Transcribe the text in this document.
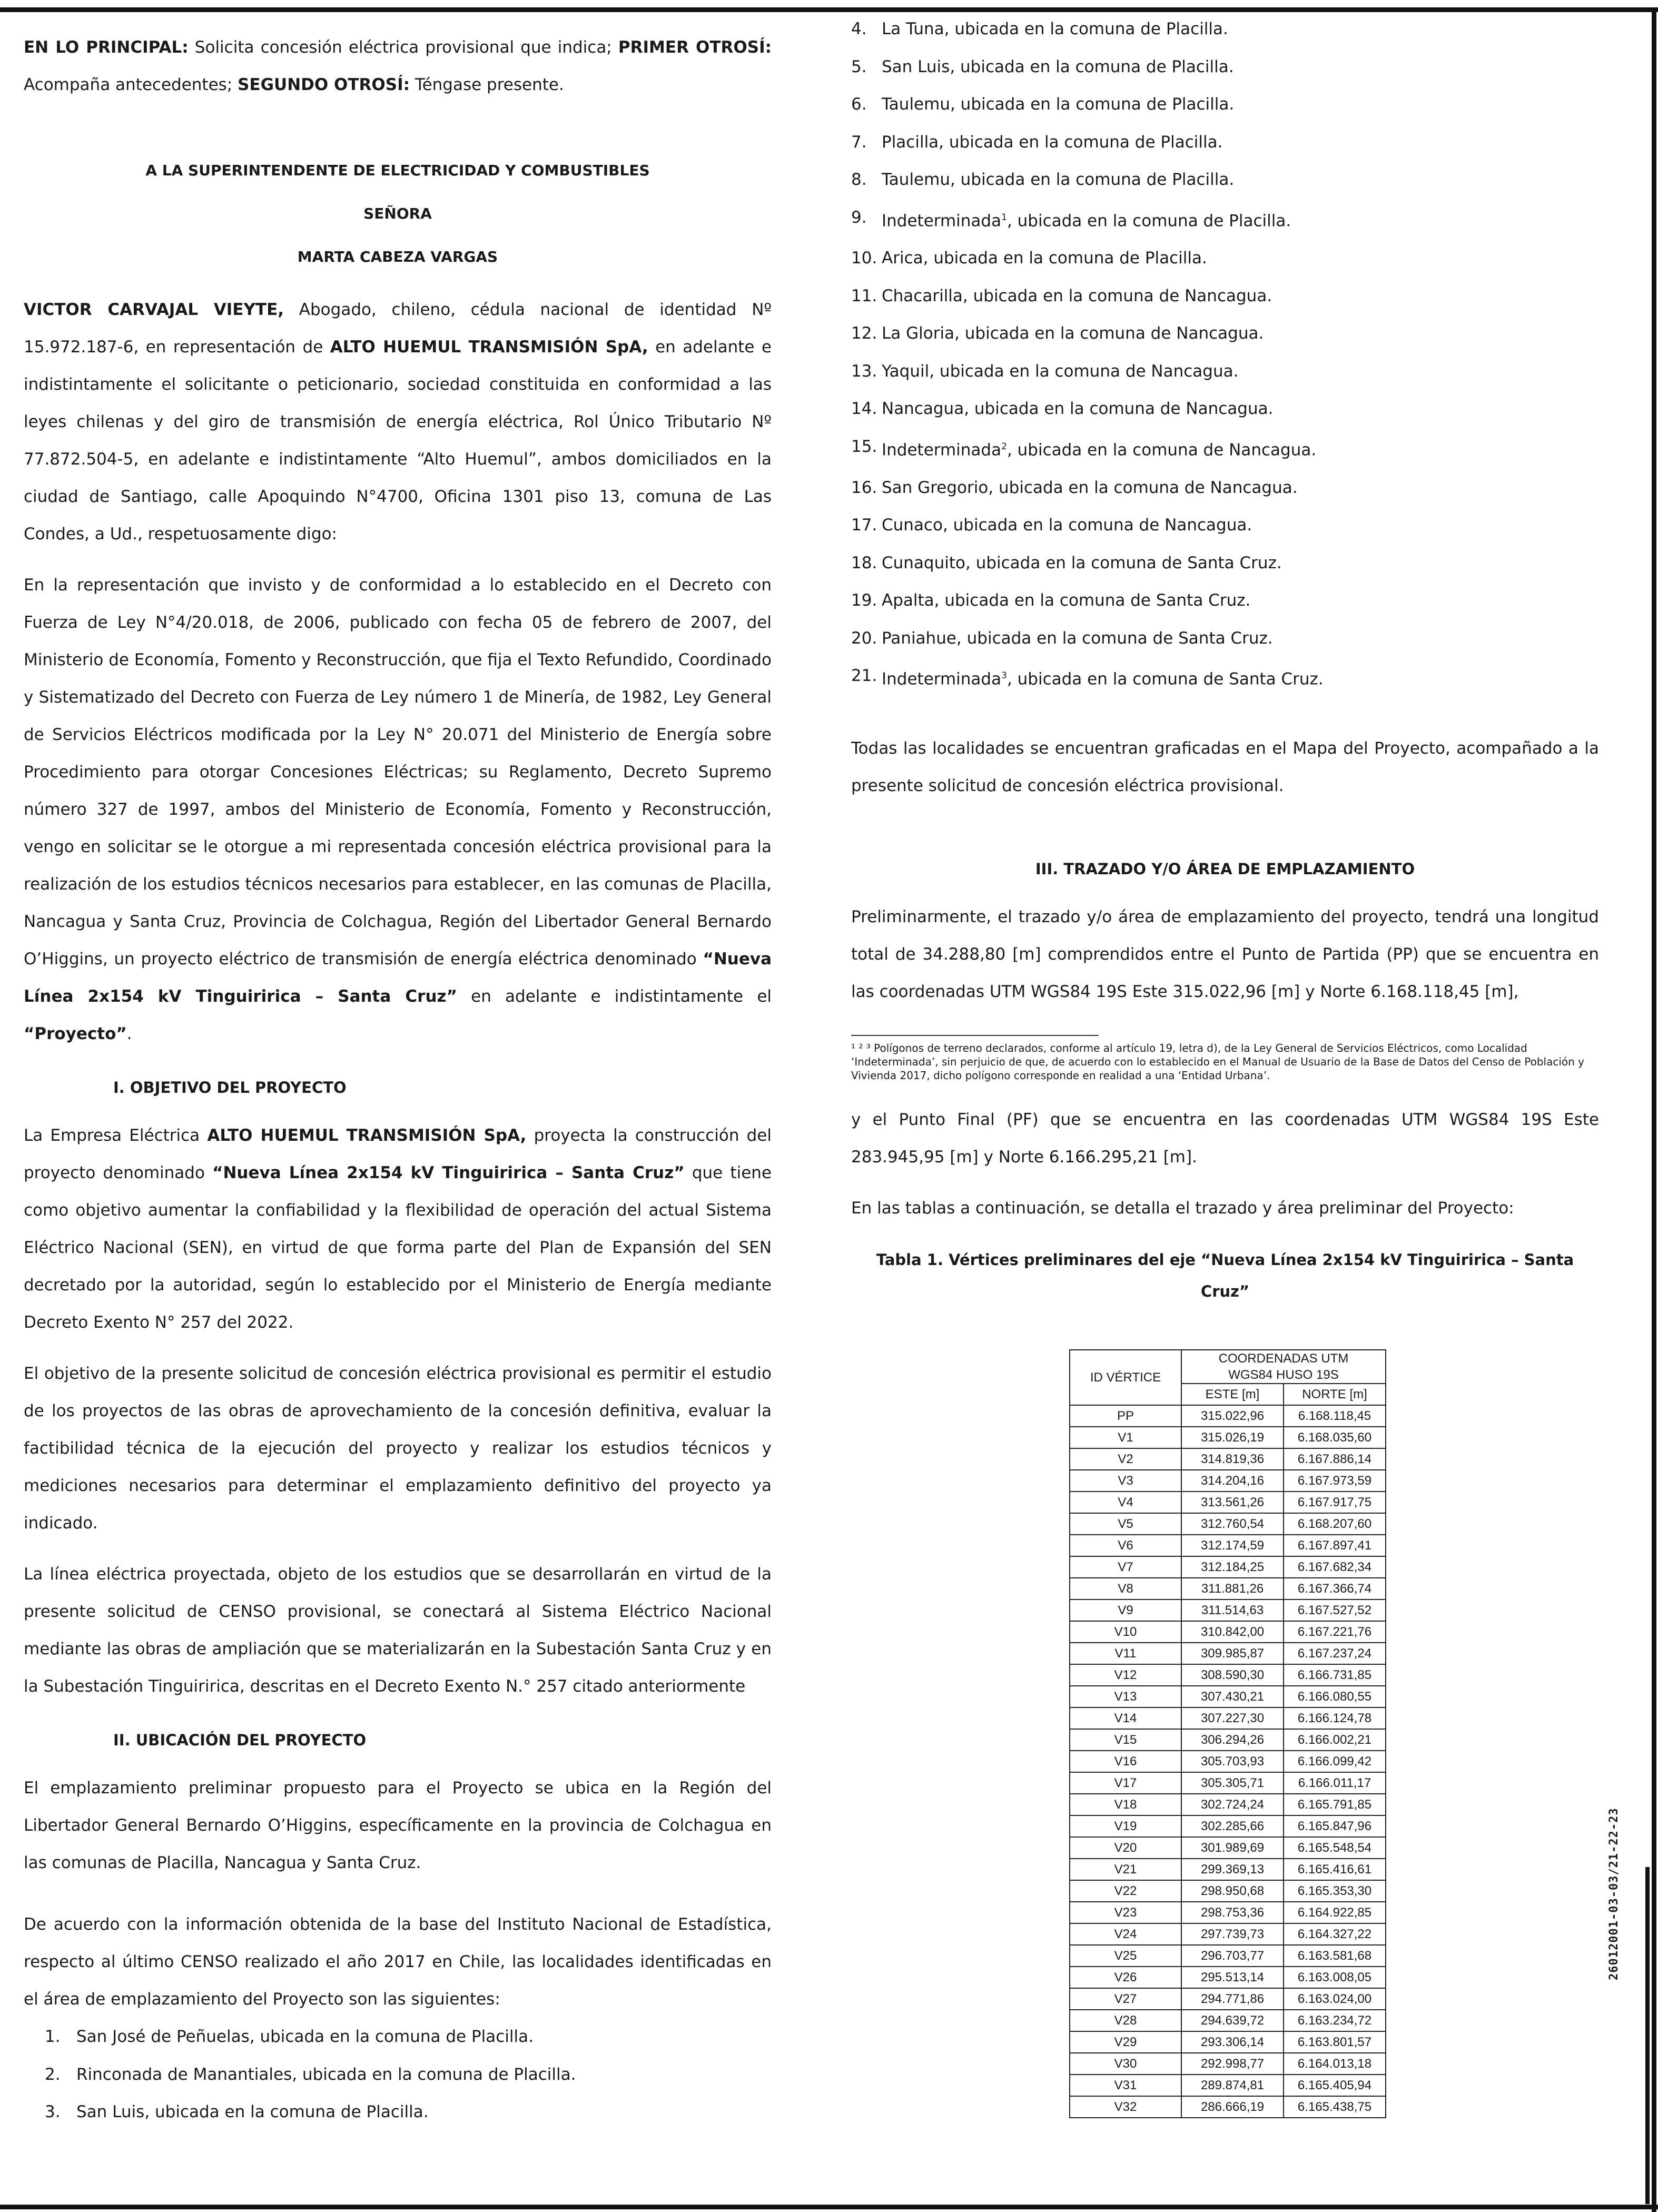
EN LO PRINCIPAL: Solicita concesión eléctrica provisional que indica; PRIMER OTROSÍ: Acompaña antecedentes; SEGUNDO OTROSÍ: Téngase presente.

A LA SUPERINTENDENTE DE ELECTRICIDAD Y COMBUSTIBLES

SEÑORA

MARTA CABEZA VARGAS

VICTOR CARVAJAL VIEYTE, Abogado, chileno, cédula nacional de identidad Nº 15.972.187-6, en representación de ALTO HUEMUL TRANSMISIÓN SpA, en adelante e indistintamente el solicitante o peticionario, sociedad constituida en conformidad a las leyes chilenas y del giro de transmisión de energía eléctrica, Rol Único Tributario Nº 77.872.504-5, en adelante e indistintamente “Alto Huemul”, ambos domiciliados en la ciudad de Santiago, calle Apoquindo N°4700, Oficina 1301 piso 13, comuna de Las Condes, a Ud., respetuosamente digo:

En la representación que invisto y de conformidad a lo establecido en el Decreto con Fuerza de Ley N°4/20.018, de 2006, publicado con fecha 05 de febrero de 2007, del Ministerio de Economía, Fomento y Reconstrucción, que fija el Texto Refundido, Coordinado y Sistematizado del Decreto con Fuerza de Ley número 1 de Minería, de 1982, Ley General de Servicios Eléctricos modificada por la Ley N° 20.071 del Ministerio de Energía sobre Procedimiento para otorgar Concesiones Eléctricas; su Reglamento, Decreto Supremo número 327 de 1997, ambos del Ministerio de Economía, Fomento y Reconstrucción, vengo en solicitar se le otorgue a mi representada concesión eléctrica provisional para la realización de los estudios técnicos necesarios para establecer, en las comunas de Placilla, Nancagua y Santa Cruz, Provincia de Colchagua, Región del Libertador General Bernardo O’Higgins, un proyecto eléctrico de transmisión de energía eléctrica denominado “Nueva Línea 2x154 kV Tinguiririca – Santa Cruz” en adelante e indistintamente el “Proyecto”.

I. OBJETIVO DEL PROYECTO

La Empresa Eléctrica ALTO HUEMUL TRANSMISIÓN SpA, proyecta la construcción del proyecto denominado “Nueva Línea 2x154 kV Tinguiririca – Santa Cruz” que tiene como objetivo aumentar la confiabilidad y la flexibilidad de operación del actual Sistema Eléctrico Nacional (SEN), en virtud de que forma parte del Plan de Expansión del SEN decretado por la autoridad, según lo establecido por el Ministerio de Energía mediante Decreto Exento N° 257 del 2022.

El objetivo de la presente solicitud de concesión eléctrica provisional es permitir el estudio de los proyectos de las obras de aprovechamiento de la concesión definitiva, evaluar la factibilidad técnica de la ejecución del proyecto y realizar los estudios técnicos y mediciones necesarios para determinar el emplazamiento definitivo del proyecto ya indicado.

La línea eléctrica proyectada, objeto de los estudios que se desarrollarán en virtud de la presente solicitud de CENSO provisional, se conectará al Sistema Eléctrico Nacional mediante las obras de ampliación que se materializarán en la Subestación Santa Cruz y en la Subestación Tinguiririca, descritas en el Decreto Exento N.° 257 citado anteriormente

II. UBICACIÓN DEL PROYECTO

El emplazamiento preliminar propuesto para el Proyecto se ubica en la Región del Libertador General Bernardo O’Higgins, específicamente en la provincia de Colchagua en las comunas de Placilla, Nancagua y Santa Cruz.

De acuerdo con la información obtenida de la base del Instituto Nacional de Estadística, respecto al último CENSO realizado el año 2017 en Chile, las localidades identificadas en el área de emplazamiento del Proyecto son las siguientes:

1. San José de Peñuelas, ubicada en la comuna de Placilla.
2. Rinconada de Manantiales, ubicada en la comuna de Placilla.
3. San Luis, ubicada en la comuna de Placilla.
4. La Tuna, ubicada en la comuna de Placilla.
5. San Luis, ubicada en la comuna de Placilla.
6. Taulemu, ubicada en la comuna de Placilla.
7. Placilla, ubicada en la comuna de Placilla.
8. Taulemu, ubicada en la comuna de Placilla.
9. Indeterminada$^1$, ubicada en la comuna de Placilla.
10. Arica, ubicada en la comuna de Placilla.
11. Chacarilla, ubicada en la comuna de Nancagua.
12. La Gloria, ubicada en la comuna de Nancagua.
13. Yaquil, ubicada en la comuna de Nancagua.
14. Nancagua, ubicada en la comuna de Nancagua.
15. Indeterminada$^2$, ubicada en la comuna de Nancagua.
16. San Gregorio, ubicada en la comuna de Nancagua.
17. Cunaco, ubicada en la comuna de Nancagua.
18. Cunaquito, ubicada en la comuna de Santa Cruz.
19. Apalta, ubicada en la comuna de Santa Cruz.
20. Paniahue, ubicada en la comuna de Santa Cruz.
21. Indeterminada$^3$, ubicada en la comuna de Santa Cruz.

Todas las localidades se encuentran graficadas en el Mapa del Proyecto, acompañado a la presente solicitud de concesión eléctrica provisional.

III. TRAZADO Y/O ÁREA DE EMPLAZAMIENTO

Preliminarmente, el trazado y/o área de emplazamiento del proyecto, tendrá una longitud total de 34.288,80 [m] comprendidos entre el Punto de Partida (PP) que se encuentra en las coordenadas UTM WGS84 19S Este 315.022,96 [m] y Norte 6.168.118,45 [m],

¹ ² ³ Polígonos de terreno declarados, conforme al artículo 19, letra d), de la Ley General de Servicios Eléctricos, como Localidad ‘Indeterminada’, sin perjuicio de que, de acuerdo con lo establecido en el Manual de Usuario de la Base de Datos del Censo de Población y Vivienda 2017, dicho polígono corresponde en realidad a una ‘Entidad Urbana’.

y el Punto Final (PF) que se encuentra en las coordenadas UTM WGS84 19S Este 283.945,95 [m] y Norte 6.166.295,21 [m].

En las tablas a continuación, se detalla el trazado y área preliminar del Proyecto:

Tabla 1. Vértices preliminares del eje “Nueva Línea 2x154 kV Tinguiririca – Santa Cruz”

ID VÉRTICE	COORDENADAS UTM
WGS84 HUSO 19S	

	ESTE [m]	NORTE [m]
PP	315.022,96	6.168.118,45
V1	315.026,19	6.168.035,60
V2	314.819,36	6.167.886,14
V3	314.204,16	6.167.973,59
V4	313.561,26	6.167.917,75
V5	312.760,54	6.168.207,60
V6	312.174,59	6.167.897,41
V7	312.184,25	6.167.682,34
V8	311.881,26	6.167.366,74
V9	311.514,63	6.167.527,52
V10	310.842,00	6.167.221,76
V11	309.985,87	6.167.237,24
V12	308.590,30	6.166.731,85
V13	307.430,21	6.166.080,55
V14	307.227,30	6.166.124,78
V15	306.294,26	6.166.002,21
V16	305.703,93	6.166.099,42
V17	305.305,71	6.166.011,17
V18	302.724,24	6.165.791,85
V19	302.285,66	6.165.847,96
V20	301.989,69	6.165.548,54
V21	299.369,13	6.165.416,61
V22	298.950,68	6.165.353,30
V23	298.753,36	6.164.922,85
V24	297.739,73	6.164.327,22
V25	296.703,77	6.163.581,68
V26	295.513,14	6.163.008,05
V27	294.771,86	6.163.024,00
V28	294.639,72	6.163.234,72
V29	293.306,14	6.163.801,57
V30	292.998,77	6.164.013,18
V31	289.874,81	6.165.405,94
V32	286.666,19	6.165.438,75
26012001-03-03/21-22-23
